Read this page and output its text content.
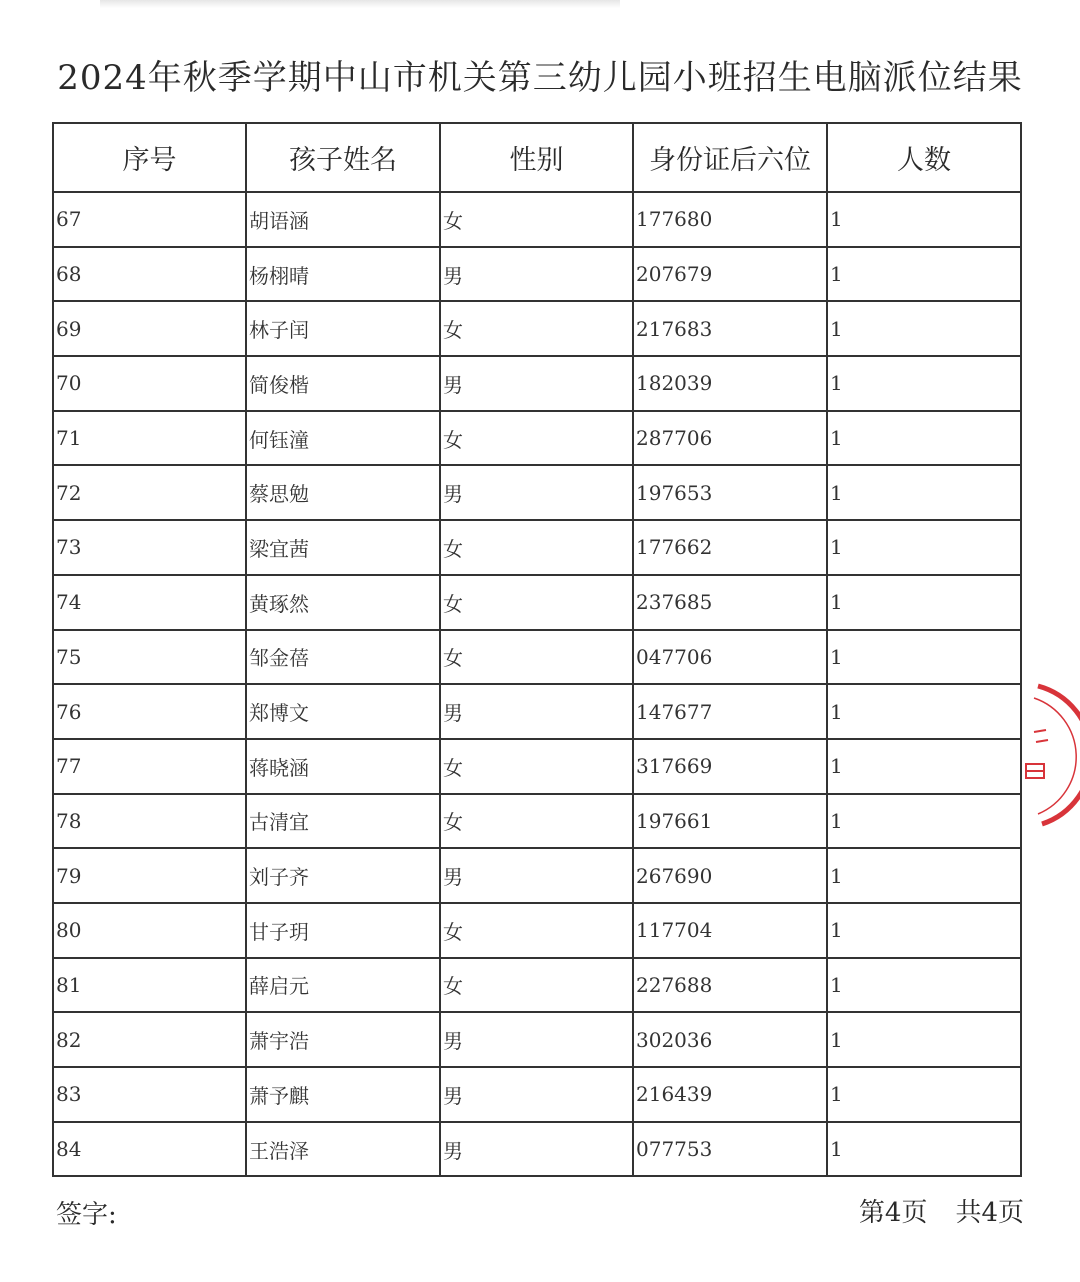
2024年秋季学期中山市机关第三幼儿园小班招生电脑派位结果
序号	孩子姓名	性别	身份证后六位	人数
67	胡语涵	女	177680	1
68	杨栩晴	男	207679	1
69	林子闰	女	217683	1
70	简俊楷	男	182039	1
71	何钰潼	女	287706	1
72	蔡思勉	男	197653	1
73	梁宜茜	女	177662	1
74	黄琢然	女	237685	1
75	邹金蓓	女	047706	1
76	郑博文	男	147677	1
77	蒋晓涵	女	317669	1
78	古清宜	女	197661	1
79	刘子齐	男	267690	1
80	甘子玥	女	117704	1
81	薛启元	女	227688	1
82	萧宇浩	男	302036	1
83	萧予麒	男	216439	1
84	王浩泽	男	077753	1
签字:	第4页 共4页
